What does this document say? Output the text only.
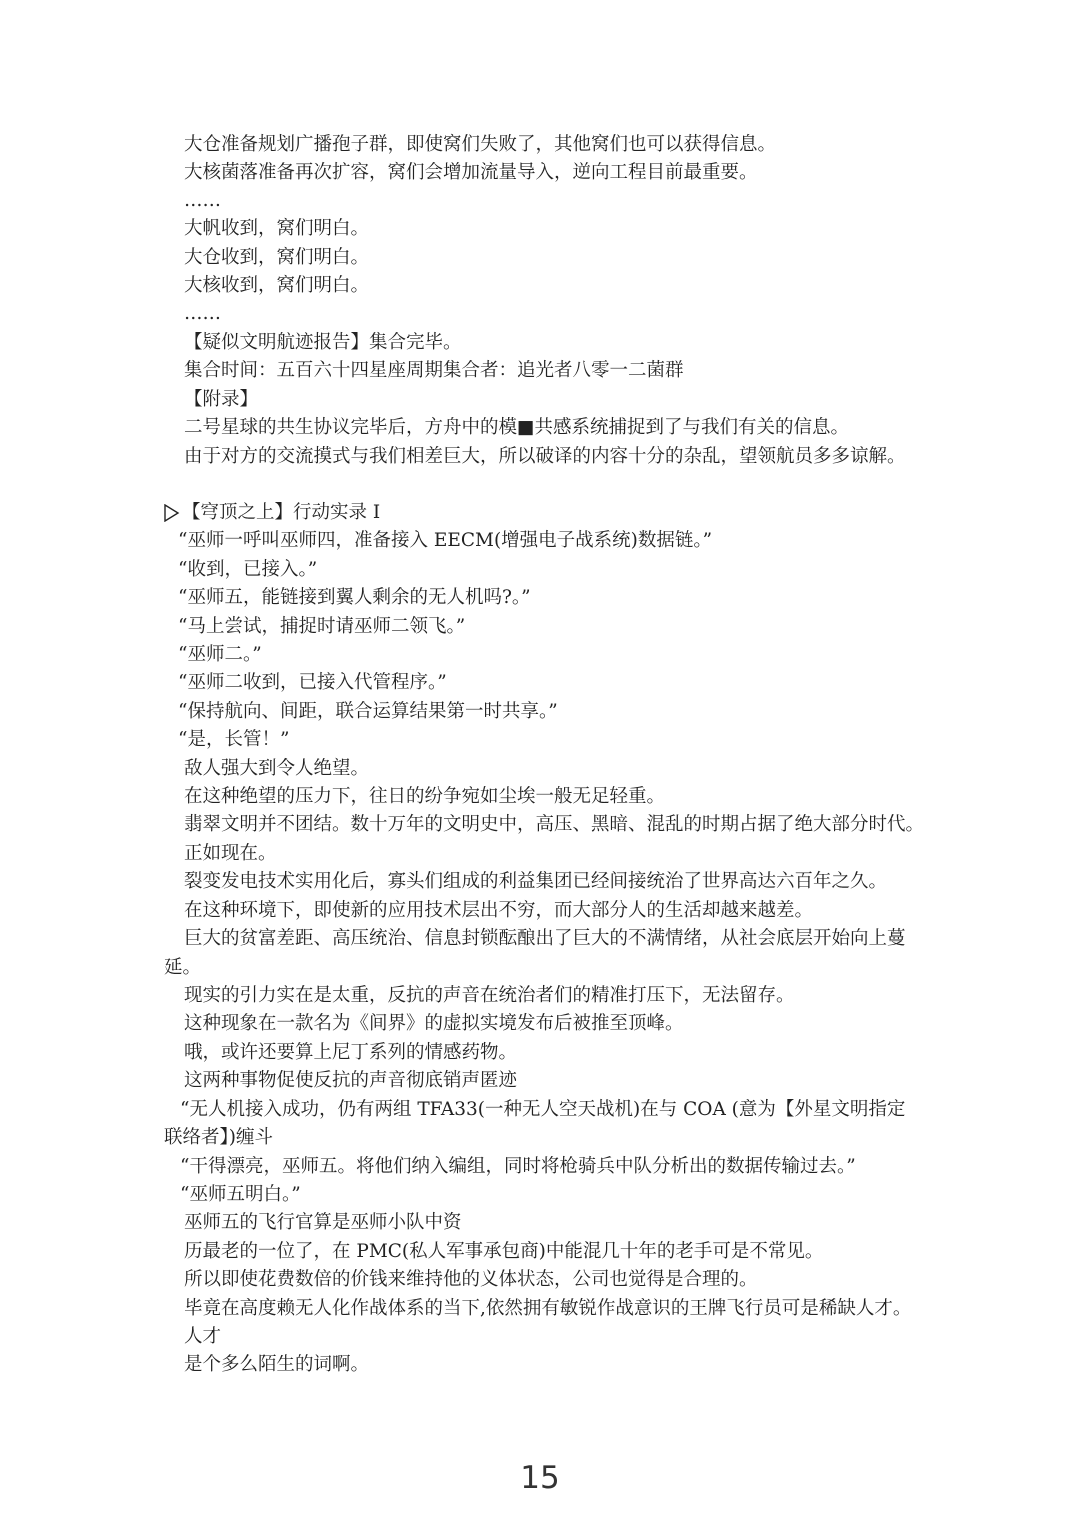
大仓准备规划广播孢子群，即使窝们失败了，其他窝们也可以获得信息。
大核菌落准备再次扩容，窝们会增加流量导入，逆向工程目前最重要。
……
大帆收到，窝们明白。
大仓收到，窝们明白。
大核收到，窝们明白。
……
【疑似文明航迹报告】集合完毕。
集合时间：五百六十四星座周期集合者：追光者八零一二菌群
【附录】
二号星球的共生协议完毕后，方舟中的模■共感系统捕捉到了与我们有关的信息。
由于对方的交流摸式与我们相差巨大，所以破译的内容十分的杂乱，望领航员多多谅解。
【穹顶之上】行动实录 I
“巫师一呼叫巫师四，准备接入 EECM(增强电子战系统)数据链。”
“收到，已接入。”
“巫师五，能链接到翼人剩余的无人机吗?。”
“马上尝试，捕捉时请巫师二领飞。”
“巫师二。”
“巫师二收到，已接入代管程序。”
“保持航向、间距，联合运算结果第一时共享。”
“是，长管！”
敌人强大到令人绝望。
在这种绝望的压力下，往日的纷争宛如尘埃一般无足轻重。
翡翠文明并不团结。数十万年的文明史中，高压、黑暗、混乱的时期占据了绝大部分时代。
正如现在。
裂变发电技术实用化后，寡头们组成的利益集团已经间接统治了世界高达六百年之久。
在这种环境下，即使新的应用技术层出不穷，而大部分人的生活却越来越差。
巨大的贫富差距、高压统治、信息封锁酝酿出了巨大的不满情绪，从社会底层开始向上蔓
延。
现实的引力实在是太重，反抗的声音在统治者们的精准打压下，无法留存。
这种现象在一款名为《间界》的虚拟实境发布后被推至顶峰。
哦，或许还要算上尼丁系列的情感药物。
这两种事物促使反抗的声音彻底销声匿迹
“无人机接入成功，仍有两组 TFA33(一种无人空天战机)在与 COA (意为【外星文明指定
联络者】)缠斗
“干得漂亮，巫师五。将他们纳入编组，同时将枪骑兵中队分析出的数据传输过去。”
“巫师五明白。”
巫师五的飞行官算是巫师小队中资
历最老的一位了，在 PMC(私人军事承包商)中能混几十年的老手可是不常见。
所以即使花费数倍的价钱来维持他的义体状态，公司也觉得是合理的。
毕竟在高度赖无人化作战体系的当下,依然拥有敏锐作战意识的王牌飞行员可是稀缺人才。
人才
是个多么陌生的词啊。
15
